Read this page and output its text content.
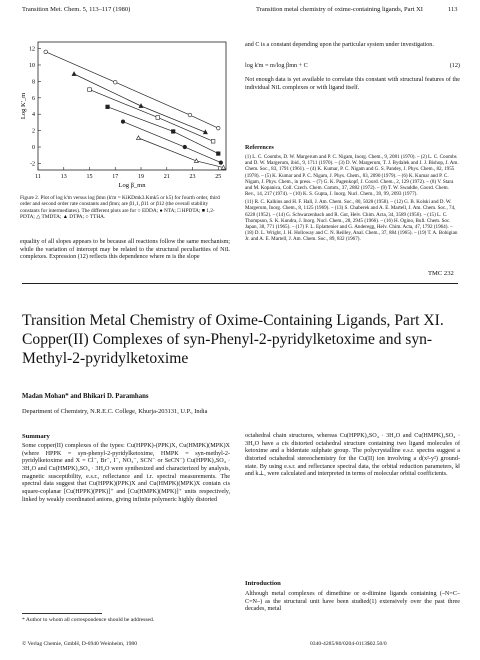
Transition Met. Chem. 5, 113–117 (1980)	Transition metal chemistry of oxime-containing ligands, Part XI	113
11	13	15	17	19	21	23	25
12
10
8
6
4
2
0
-2
Log β_mn
Log K'_m
Figure 2. Plot of log k'm versus log βmn (k'm = KiKDmk3.Kmk5 or k5) for fourth order, third order and second order rate constants and βmn; are β1,1, β11 or β12 (the overall stability constants for intermediates). The different plots are for ○ EDDA; ● NTA; □ HPDTA; ■ 1,2-PDTA; △ TMDTA; ▲ DTPA; ○ TTHA.
equality of all slopes appears to be because all reactions follow the same mechanism; while the variation of intercept may be related to the structural peculiarities of NiL complexes. Expression (12) reflects this dependence where m is the slope
and C is a constant depending upon the particular system under investigation.
log k'm = m/log βmn + C	(12)
Not enough data is yet available to correlate this constant with structural features of the individual NiL complexes or with ligand itself.
References
(1) L. C. Coombs, D. W. Margerum and P. C. Nigam, Inorg. Chem., 9, 2081 (1970). – (2) L. C. Coombs and D. W. Margerum, ibid., 9, 1711 (1970). – (3) D. W. Margerum, T. J. Bydalek and J. J. Bishop, J. Am. Chem. Soc., 83, 1791 (1961). – (4) K. Kumar, P. C. Nigam and G. S. Pandey, J. Phys. Chem., 82, 1955 (1978). – (5) K. Kumar and P. C. Nigam, J. Phys. Chem., 83, 2090 (1979). – (6) K. Kumar and P. C. Nigam, J. Phys. Chem., in press. – (7) G. K. Pagenkopf, J. Coord. Chem., 2, 129 (1972). – (8) V. Stara and M. Kopanica, Coll. Czech. Chem. Comm., 37, 2882 (1972). – (9) T. W. Swaddle, Coord. Chem. Rev., 14, 217 (1974). – (10) K. S. Gupta, J. Inorg. Nucl. Chem., 39, 99, 2093 (1977).
(11) R. C. Kalkins and H. F. Hall, J. Am. Chem. Soc., 80, 5028 (1958). – (12) G. B. Kolski and D. W. Margerum, Inorg. Chem., 8, 1125 (1969). – (13) S. Chaberek and A. E. Martell, J. Am. Chem. Soc., 74, 6228 (1952). – (14) G. Schwarzenbach and R. Gut, Helv. Chim. Acta, 34, 3589 (1956). – (15) L. C. Thompson, S. K. Kundra, J. Inorg. Nucl. Chem., 28, 2945 (1966). – (16) H. Ogino, Bull. Chem. Soc. Japan, 38, 771 (1965). – (17) F. L. Eplattenier and G. Anderegg, Helv. Chim. Acta, 47, 1792 (1964). – (18) D. L. Wright, J. H. Holloway and C. N. Reilley, Anal. Chem., 37, 884 (1965). – (19) T. A. Bohigian Jr. and A. E. Martell, J. Am. Chem. Soc., 89, 832 (1967).
TMC 232
Transition Metal Chemistry of Oxime-Containing Ligands, Part XI. Copper(II) Complexes of syn-Phenyl-2-pyridylketoxime and syn-Methyl-2-pyridylketoxime
Madan Mohan* and Bhikari D. Paramhans
Department of Chemistry, N.R.E.C. College, Khurja-203131, U.P., India
Summary
Some copper(II) complexes of the types: Cu(HPPK)-(PPK)X, Cu(HMPK)(MPK)X (where HPPK = syn-phenyl-2-pyridylketoxime, HMPK = syn-methyl-2-pyridylketoxime and X = Cl⁻, Br⁻, I⁻, NO₃⁻, SCN⁻ or SeCN⁻) Cu(HPPK)₂SO₄ · 3H₂O and Cu(HMPK)₂SO₄ · 3H₂O were synthesized and characterized by analysis, magnetic susceptibility, e.s.r., reflectance and i.r. spectral measurements. The spectral data suggest that Cu(HPPK)(PPK)X and Cu(HMPK)(MPK)X contain cis square-coplanar [Cu(HPPK)(PPK)]⁺ and [Cu(HMPK)(MPK)]⁺ units respectively, linked by weakly coordinated anions, giving infinite polymeric highly distorted
octahedral chain structures, whereas Cu(HPPK)₂SO₄ · 3H₂O and Cu(HMPK)₂SO₄ · 3H₂O have a cis distorted octahedral structure containing two ligand molecules of ketoxime and a bidentate sulphate group. The polycrystalline e.s.r. spectra suggest a distorted octahedral stereochemistry for the Cu(II) ion involving a d(x²-y²) ground-state. By using e.s.r. and reflectance spectral data, the orbital reduction parameters, k‖ and k⊥, were calculated and interpreted in terms of molecular orbital coefficients.
Introduction
Although metal complexes of dimethine or α-diimine ligands containing (–N=C–C=N–) as the structural unit have been studied(1) extensively over the past three decades, metal
* Author to whom all correspondence should be addressed.
© Verlag Chemie, GmbH, D-6940 Weinheim, 1980	0340-4285/80/0204-0113$02.50/0
